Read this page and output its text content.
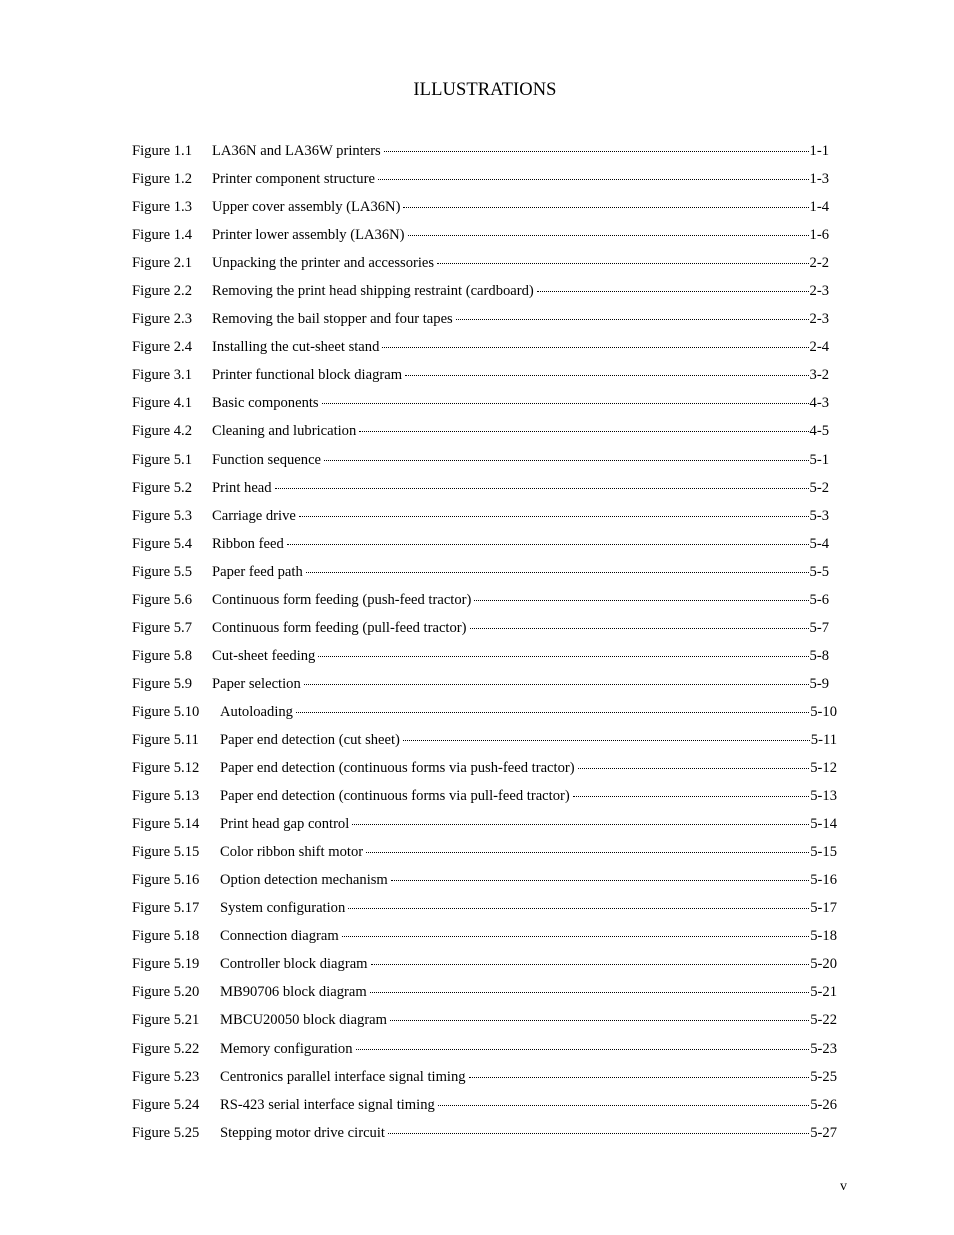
ILLUSTRATIONS
Figure 1.1	LA36N and LA36W printers	1-1
Figure 1.2	Printer component structure	1-3
Figure 1.3	Upper cover assembly (LA36N)	1-4
Figure 1.4	Printer lower assembly (LA36N)	1-6
Figure 2.1	Unpacking the printer and accessories	2-2
Figure 2.2	Removing the print head shipping restraint (cardboard)	2-3
Figure 2.3	Removing the bail stopper and four tapes	2-3
Figure 2.4	Installing the cut-sheet stand	2-4
Figure 3.1	Printer functional block diagram	3-2
Figure 4.1	Basic components	4-3
Figure 4.2	Cleaning and lubrication	4-5
Figure 5.1	Function sequence	5-1
Figure 5.2	Print head	5-2
Figure 5.3	Carriage drive	5-3
Figure 5.4	Ribbon feed	5-4
Figure 5.5	Paper feed path	5-5
Figure 5.6	Continuous form feeding (push-feed tractor)	5-6
Figure 5.7	Continuous form feeding (pull-feed tractor)	5-7
Figure 5.8	Cut-sheet feeding	5-8
Figure 5.9	Paper selection	5-9
Figure 5.10	Autoloading	5-10
Figure 5.11	Paper end detection (cut sheet)	5-11
Figure 5.12	Paper end detection (continuous forms via push-feed tractor)	5-12
Figure 5.13	Paper end detection (continuous forms via pull-feed tractor)	5-13
Figure 5.14	Print head gap control	5-14
Figure 5.15	Color ribbon shift motor	5-15
Figure 5.16	Option detection mechanism	5-16
Figure 5.17	System configuration	5-17
Figure 5.18	Connection diagram	5-18
Figure 5.19	Controller block diagram	5-20
Figure 5.20	MB90706 block diagram	5-21
Figure 5.21	MBCU20050 block diagram	5-22
Figure 5.22	Memory configuration	5-23
Figure 5.23	Centronics parallel interface signal timing	5-25
Figure 5.24	RS-423 serial interface signal timing	5-26
Figure 5.25	Stepping motor drive circuit	5-27
v
